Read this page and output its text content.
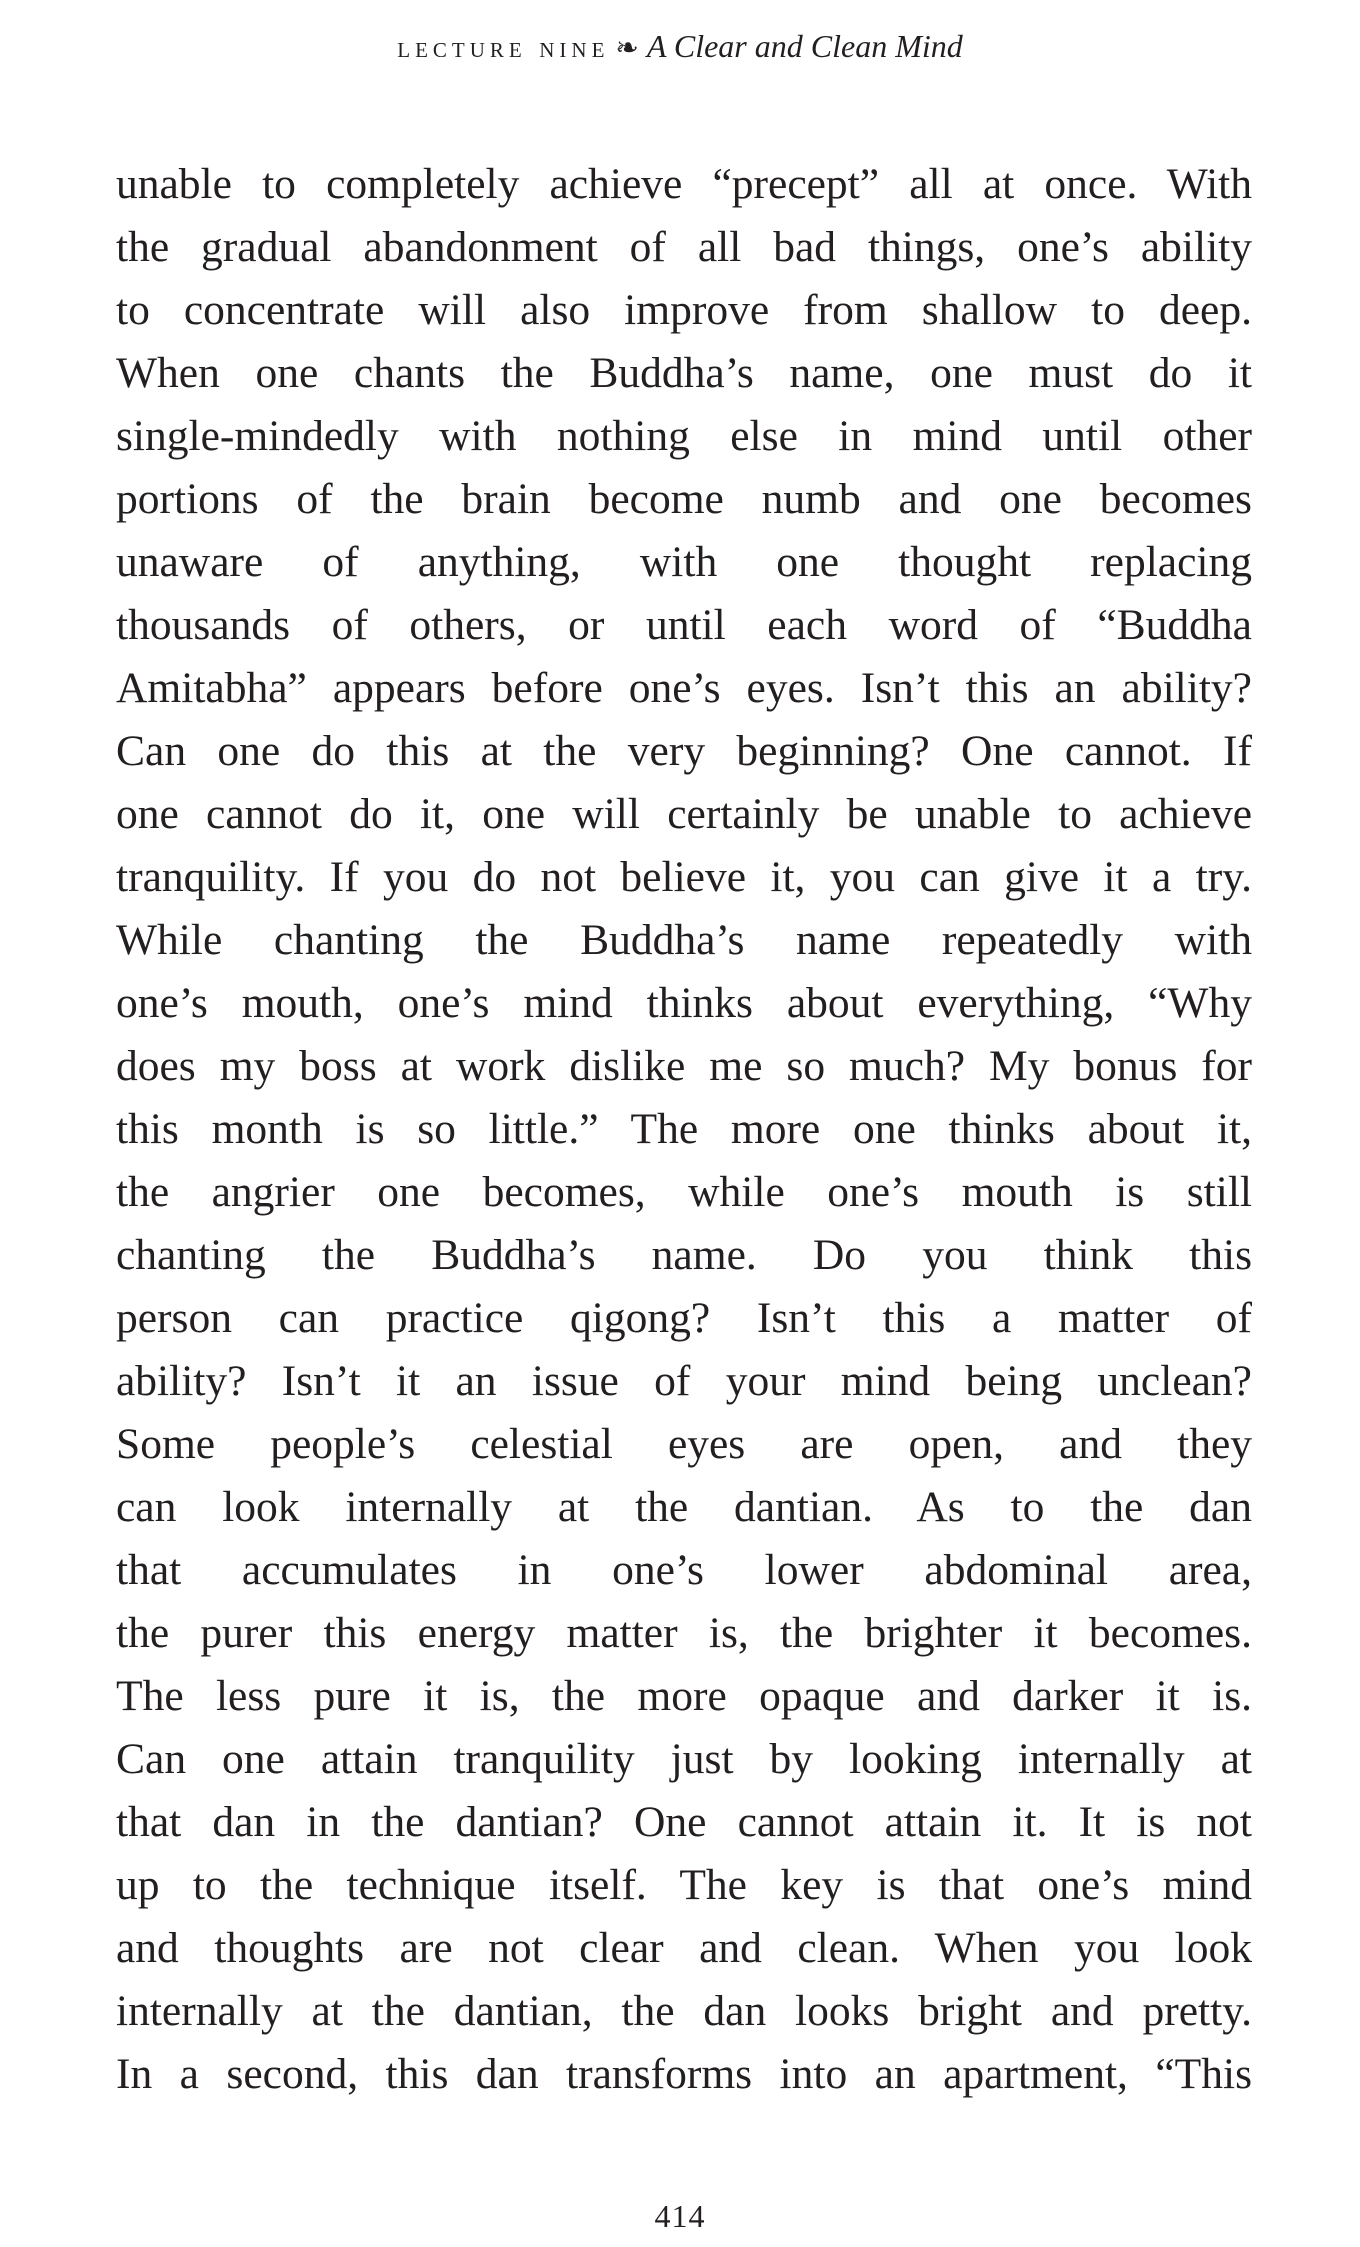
lecture nine ❧ A Clear and Clean Mind
unable to completely achieve “precept” all at once. With
the gradual abandonment of all bad things, one’s ability
to concentrate will also improve from shallow to deep.
When one chants the Buddha’s name, one must do it
single-mindedly with nothing else in mind until other
portions of the brain become numb and one becomes
unaware of anything, with one thought replacing
thousands of others, or until each word of “Buddha
Amitabha” appears before one’s eyes. Isn’t this an ability?
Can one do this at the very beginning? One cannot. If
one cannot do it, one will certainly be unable to achieve
tranquility. If you do not believe it, you can give it a try.
While chanting the Buddha’s name repeatedly with
one’s mouth, one’s mind thinks about everything, “Why
does my boss at work dislike me so much? My bonus for
this month is so little.” The more one thinks about it,
the angrier one becomes, while one’s mouth is still
chanting the Buddha’s name. Do you think this
person can practice qigong? Isn’t this a matter of
ability? Isn’t it an issue of your mind being unclean?
Some people’s celestial eyes are open, and they
can look internally at the dantian. As to the dan
that accumulates in one’s lower abdominal area,
the purer this energy matter is, the brighter it becomes.
The less pure it is, the more opaque and darker it is.
Can one attain tranquility just by looking internally at
that dan in the dantian? One cannot attain it. It is not
up to the technique itself. The key is that one’s mind
and thoughts are not clear and clean. When you look
internally at the dantian, the dan looks bright and pretty.
In a second, this dan transforms into an apartment, “This
414
